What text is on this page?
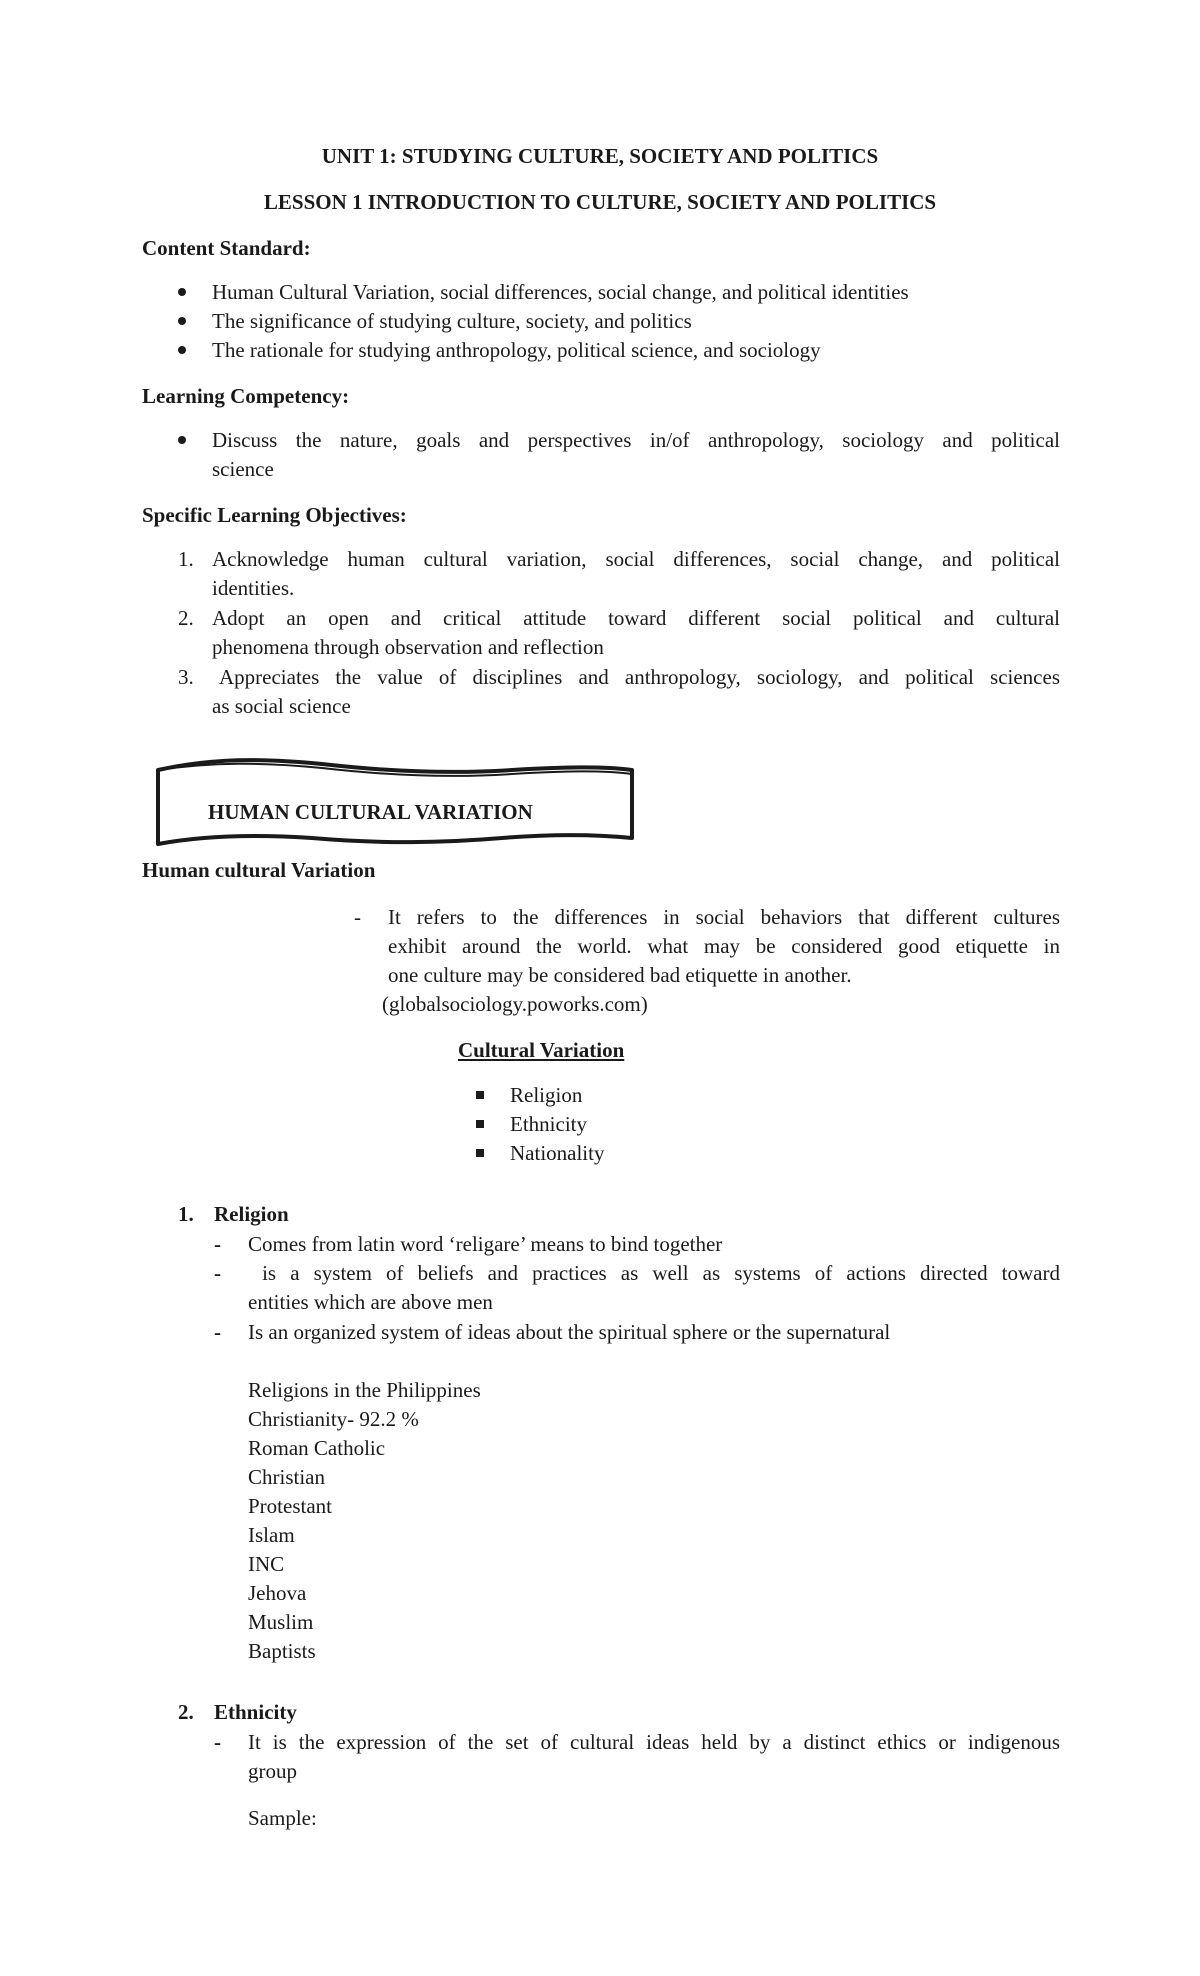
UNIT 1: STUDYING CULTURE, SOCIETY AND POLITICS
LESSON 1 INTRODUCTION TO CULTURE, SOCIETY AND POLITICS
Content Standard:
Human Cultural Variation, social differences, social change, and political identities
The significance of studying culture, society, and politics
The rationale for studying anthropology, political science, and sociology
Learning Competency:
Discuss the nature, goals and perspectives in/of anthropology, sociology and political
science
Specific Learning Objectives:
1. Acknowledge human cultural variation, social differences, social change, and political
identities.
2. Adopt an open and critical attitude toward different social political and cultural
phenomena through observation and reflection
3. Appreciates the value of disciplines and anthropology, sociology, and political sciences
as social science
HUMAN CULTURAL VARIATION
Human cultural Variation
- It refers to the differences in social behaviors that different cultures
exhibit around the world. what may be considered good etiquette in
one culture may be considered bad etiquette in another.
(globalsociology.poworks.com)
Cultural Variation
Religion
Ethnicity
Nationality
1. Religion
- Comes from latin word ‘religare’ means to bind together
- is a system of beliefs and practices as well as systems of actions directed toward
entities which are above men
- Is an organized system of ideas about the spiritual sphere or the supernatural
Religions in the Philippines
Christianity- 92.2 %
Roman Catholic
Christian
Protestant
Islam
INC
Jehova
Muslim
Baptists
2. Ethnicity
- It is the expression of the set of cultural ideas held by a distinct ethics or indigenous
group
Sample:
